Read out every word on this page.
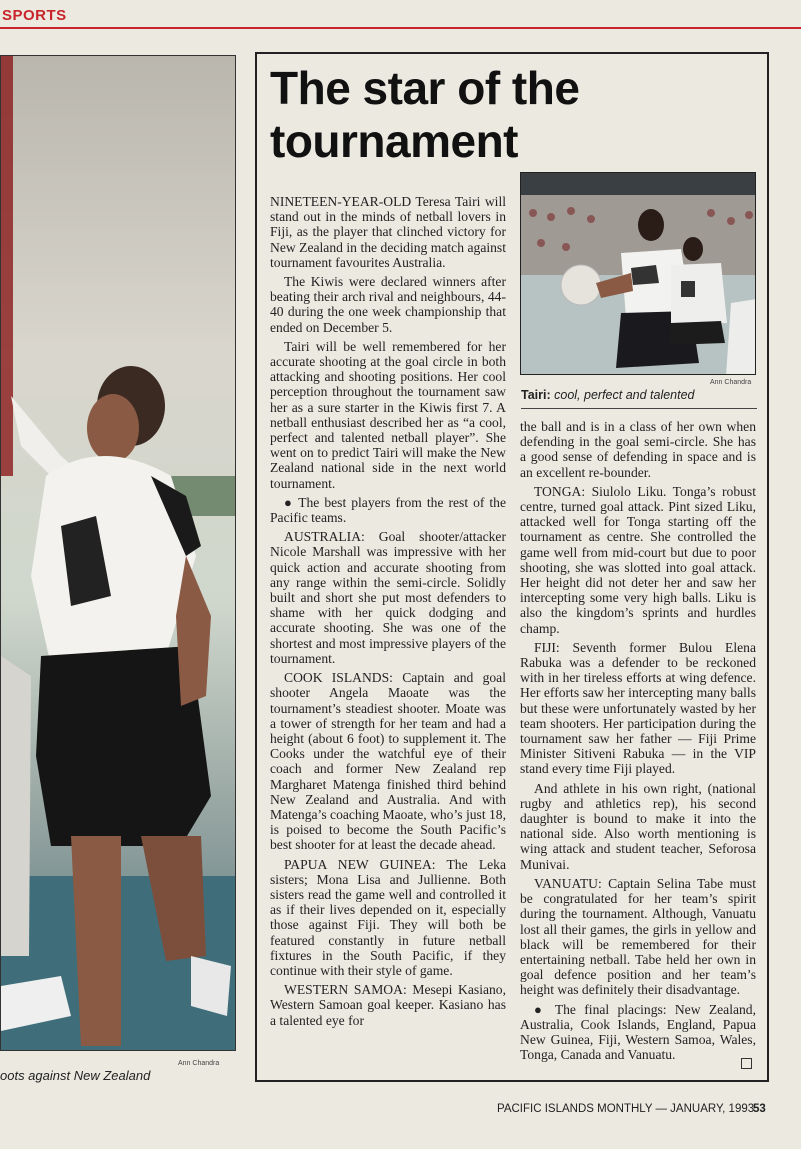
SPORTS

Ann Chandra
oots against New Zealand
The star of the tournament

NINETEEN-YEAR-OLD Teresa Tairi will stand out in the minds of netball lovers in Fiji, as the player that clinched victory for New Zealand in the deciding match against tournament favourites Australia.

The Kiwis were declared winners after beating their arch rival and neighbours, 44-40 during the one week championship that ended on December 5.

Tairi will be well remembered for her accurate shooting at the goal circle in both attacking and shooting positions. Her cool perception throughout the tournament saw her as a sure starter in the Kiwis first 7. A netball enthusiast described her as “a cool, perfect and talented netball player”. She went on to predict Tairi will make the New Zealand national side in the next world tournament.

● The best players from the rest of the Pacific teams.

AUSTRALIA: Goal shooter/attacker Nicole Marshall was impressive with her quick action and accurate shooting from any range within the semi-circle. Solidly built and short she put most defenders to shame with her quick dodging and accurate shooting. She was one of the shortest and most impressive players of the tournament.

COOK ISLANDS: Captain and goal shooter Angela Maoate was the tournament’s steadiest shooter. Moate was a tower of strength for her team and had a height (about 6 foot) to supplement it. The Cooks under the watchful eye of their coach and former New Zealand rep Margharet Matenga finished third behind New Zealand and Australia. And with Matenga’s coaching Maoate, who’s just 18, is poised to become the South Pacific’s best shooter for at least the decade ahead.

PAPUA NEW GUINEA: The Leka sisters; Mona Lisa and Jullienne. Both sisters read the game well and controlled it as if their lives depended on it, especially those against Fiji. They will both be featured constantly in future netball fixtures in the South Pacific, if they continue with their style of game.

WESTERN SAMOA: Mesepi Kasiano, Western Samoan goal keeper. Kasiano has a talented eye for

Ann Chandra
Tairi: cool, perfect and talented

the ball and is in a class of her own when defending in the goal semi-circle. She has a good sense of defending in space and is an excellent re-bounder.

TONGA: Siulolo Liku. Tonga’s robust centre, turned goal attack. Pint sized Liku, attacked well for Tonga starting off the tournament as centre. She controlled the game well from mid-court but due to poor shooting, she was slotted into goal attack. Her height did not deter her and saw her intercepting some very high balls. Liku is also the kingdom’s sprints and hurdles champ.

FIJI: Seventh former Bulou Elena Rabuka was a defender to be reckoned with in her tireless efforts at wing defence. Her efforts saw her intercepting many balls but these were unfortunately wasted by her team shooters. Her participation during the tournament saw her father — Fiji Prime Minister Sitiveni Rabuka — in the VIP stand every time Fiji played.

And athlete in his own right, (national rugby and athletics rep), his second daughter is bound to make it into the national side. Also worth mentioning is wing attack and student teacher, Seforosa Munivai.

VANUATU: Captain Selina Tabe must be congratulated for her team’s spirit during the tournament. Although, Vanuatu lost all their games, the girls in yellow and black will be remembered for their entertaining netball. Tabe held her own in goal defence position and her team’s height was definitely their disadvantage.

● The final placings: New Zealand, Australia, Cook Islands, England, Papua New Guinea, Fiji, Western Samoa, Wales, Tonga, Canada and Vanuatu.

PACIFIC ISLANDS MONTHLY — JANUARY, 1993
53
